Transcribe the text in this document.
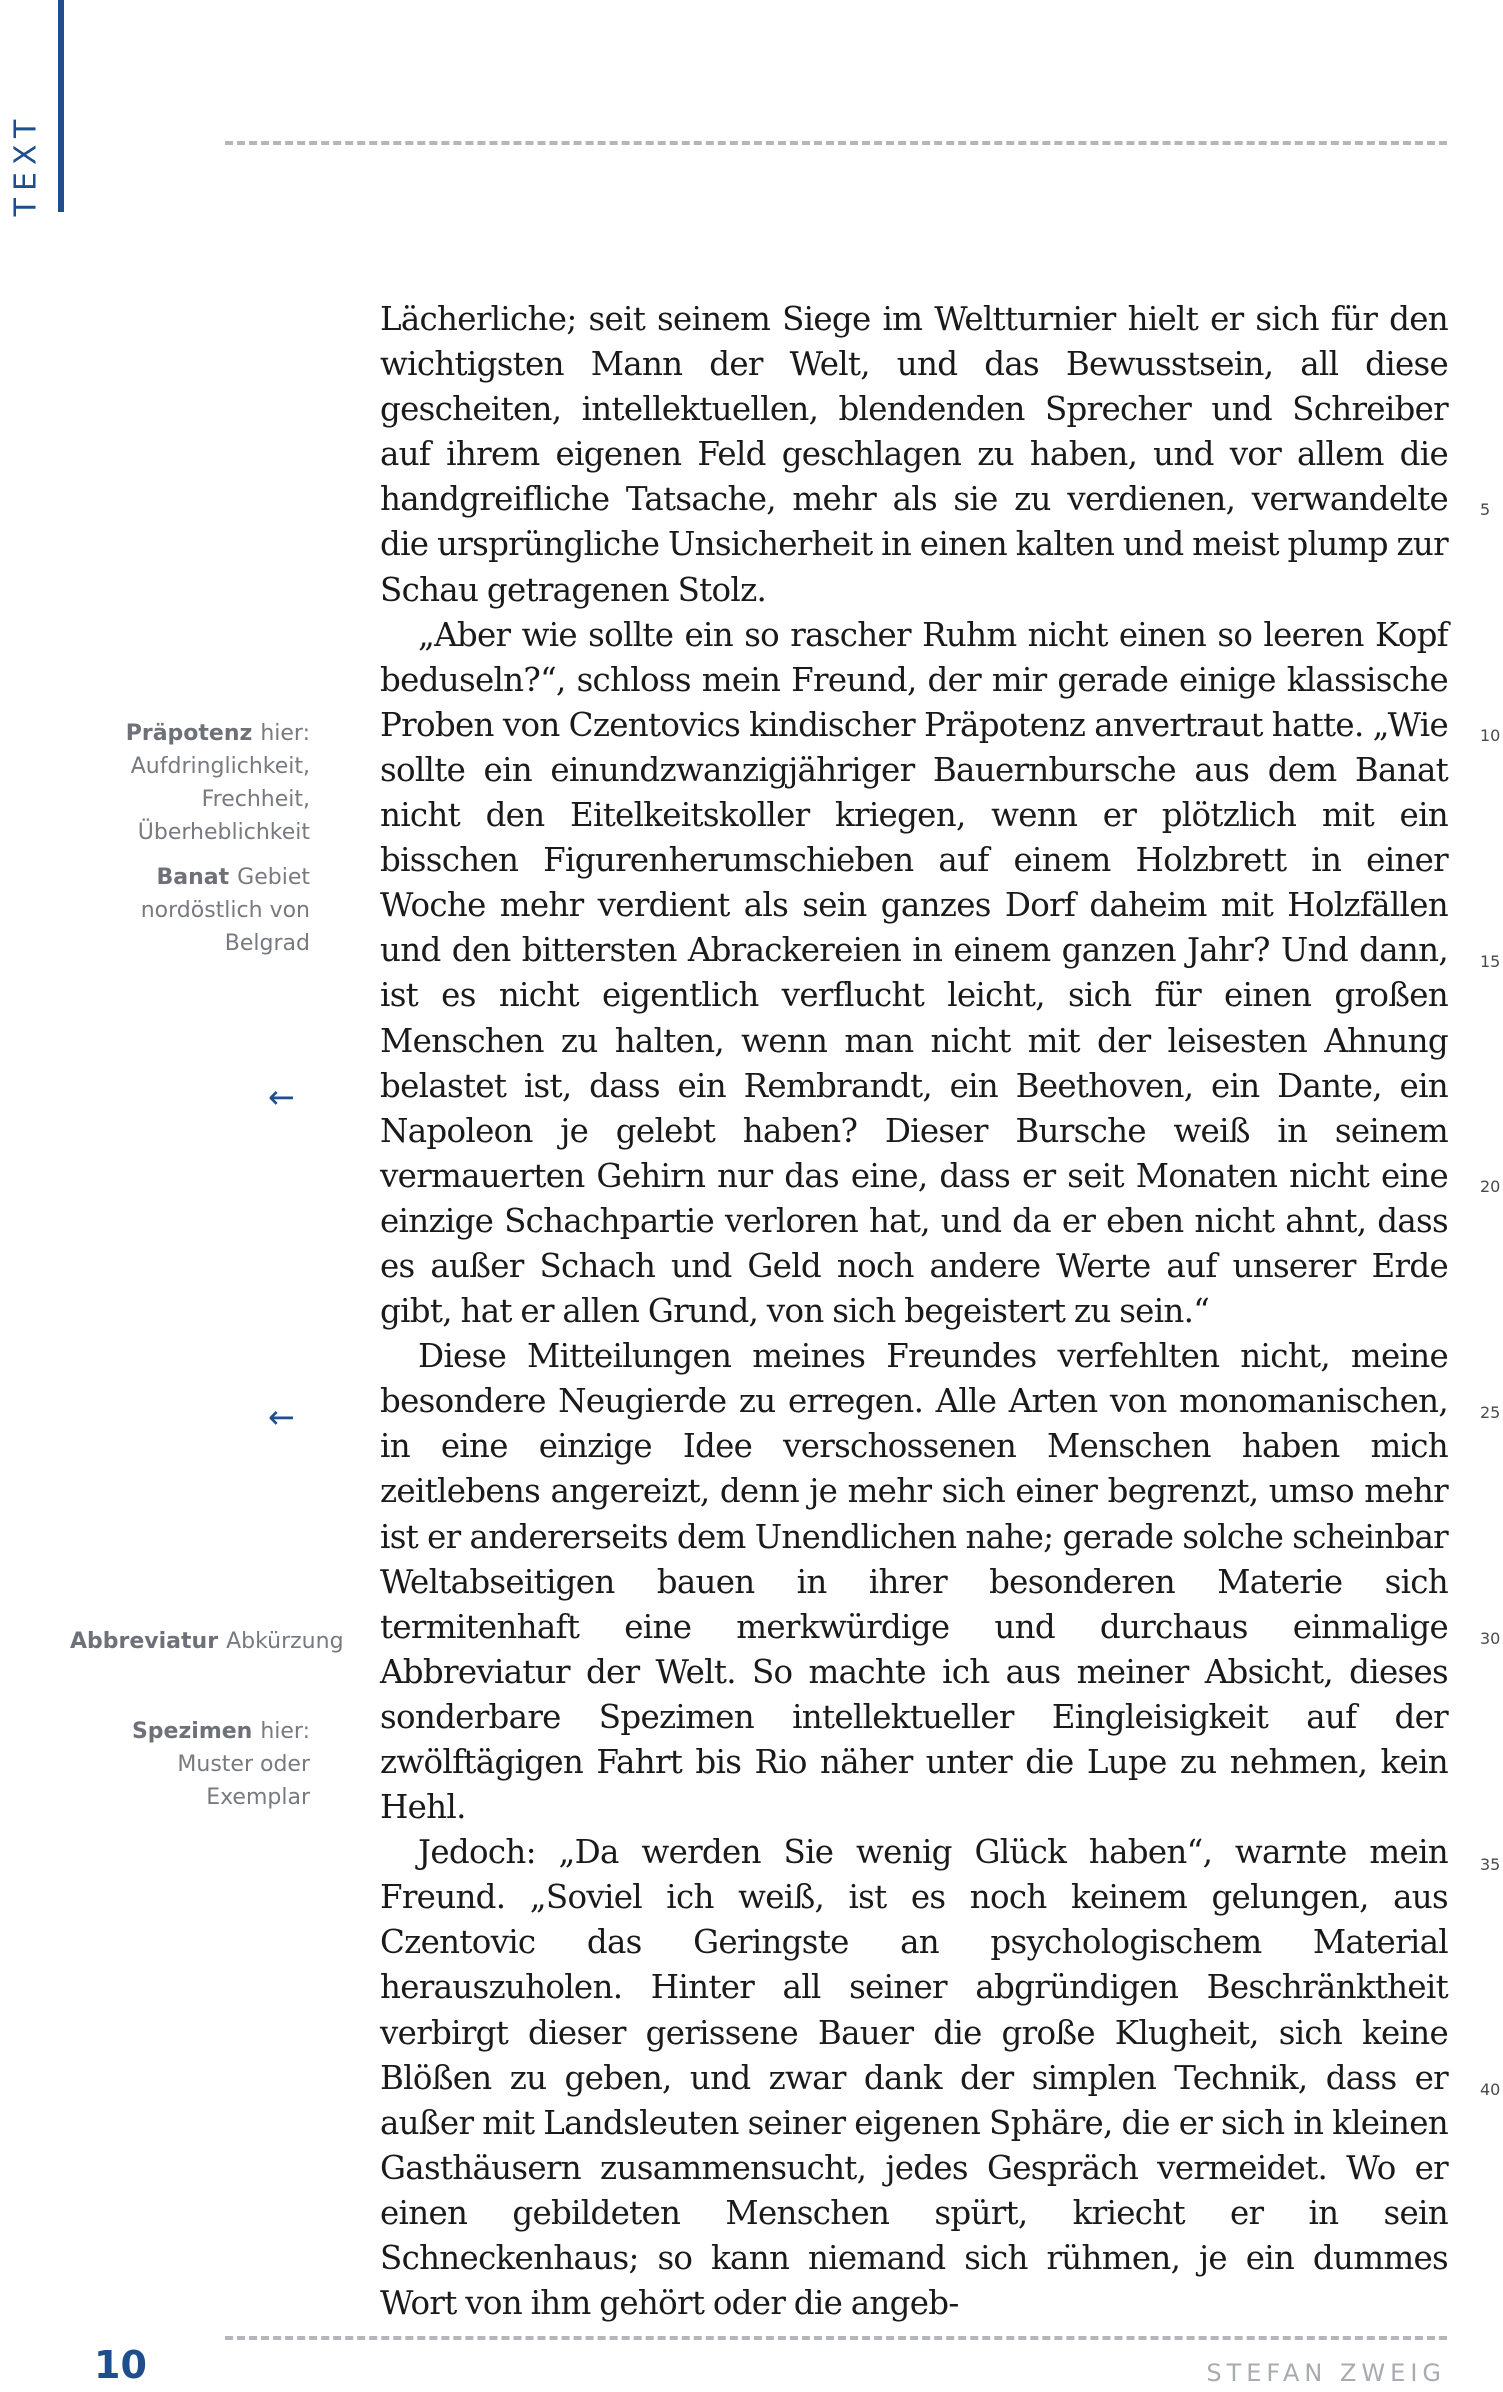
TEXT
Präpotenz hier: Aufdringlichkeit, Frechheit, Überheblichkeit
Banat Gebiet nordöstlich von Belgrad
Abbreviatur Abkürzung
Spezimen hier: Muster oder Exemplar
←
←

Lächerliche; seit seinem Siege im Weltturnier hielt er sich für den wichtigsten Mann der Welt, und das Bewusstsein, all diese gescheiten, intellektuellen, blendenden Sprecher und Schreiber auf ihrem eigenen Feld geschlagen zu haben, und vor allem die handgreifliche Tatsache, mehr als sie zu verdienen, verwandelte die ursprüngliche Unsicherheit in einen kalten und meist plump zur Schau getragenen Stolz.

„Aber wie sollte ein so rascher Ruhm nicht einen so leeren Kopf beduseln?“, schloss mein Freund, der mir gerade einige klassische Proben von Czentovics kindischer Präpotenz anvertraut hatte. „Wie sollte ein einundzwanzigjähriger Bauernbursche aus dem Banat nicht den Eitelkeitskoller kriegen, wenn er plötzlich mit ein bisschen Figurenherumschieben auf einem Holzbrett in einer Woche mehr verdient als sein ganzes Dorf daheim mit Holzfällen und den bittersten Abrackereien in einem ganzen Jahr? Und dann, ist es nicht eigentlich verflucht leicht, sich für einen großen Menschen zu halten, wenn man nicht mit der leisesten Ahnung belastet ist, dass ein Rembrandt, ein Beethoven, ein Dante, ein Napoleon je gelebt haben? Dieser Bursche weiß in seinem vermauerten Gehirn nur das eine, dass er seit Monaten nicht eine einzige Schachpartie verloren hat, und da er eben nicht ahnt, dass es außer Schach und Geld noch andere Werte auf unserer Erde gibt, hat er allen Grund, von sich begeistert zu sein.“

Diese Mitteilungen meines Freundes verfehlten nicht, meine besondere Neugierde zu erregen. Alle Arten von monomanischen, in eine einzige Idee verschossenen Menschen haben mich zeitlebens angereizt, denn je mehr sich einer begrenzt, umso mehr ist er andererseits dem Unendlichen nahe; gerade solche scheinbar Weltabseitigen bauen in ihrer besonderen Materie sich termitenhaft eine merkwürdige und durchaus einmalige Abbreviatur der Welt. So machte ich aus meiner Absicht, dieses sonderbare Spezimen intellektueller Eingleisigkeit auf der zwölftägigen Fahrt bis Rio näher unter die Lupe zu nehmen, kein Hehl.

Jedoch: „Da werden Sie wenig Glück haben“, warnte mein Freund. „Soviel ich weiß, ist es noch keinem gelungen, aus Czentovic das Geringste an psychologischem Material herauszuholen. Hinter all seiner abgründigen Beschränktheit verbirgt dieser gerissene Bauer die große Klugheit, sich keine Blößen zu geben, und zwar dank der simplen Technik, dass er außer mit Landsleuten seiner eigenen Sphäre, die er sich in kleinen Gasthäusern zusammensucht, jedes Gespräch vermeidet. Wo er einen gebildeten Menschen spürt, kriecht er in sein Schneckenhaus; so kann niemand sich rühmen, je ein dummes Wort von ihm gehört oder die angeb-

5
10
15
20
25
30
35
40
10	STEFAN ZWEIG
